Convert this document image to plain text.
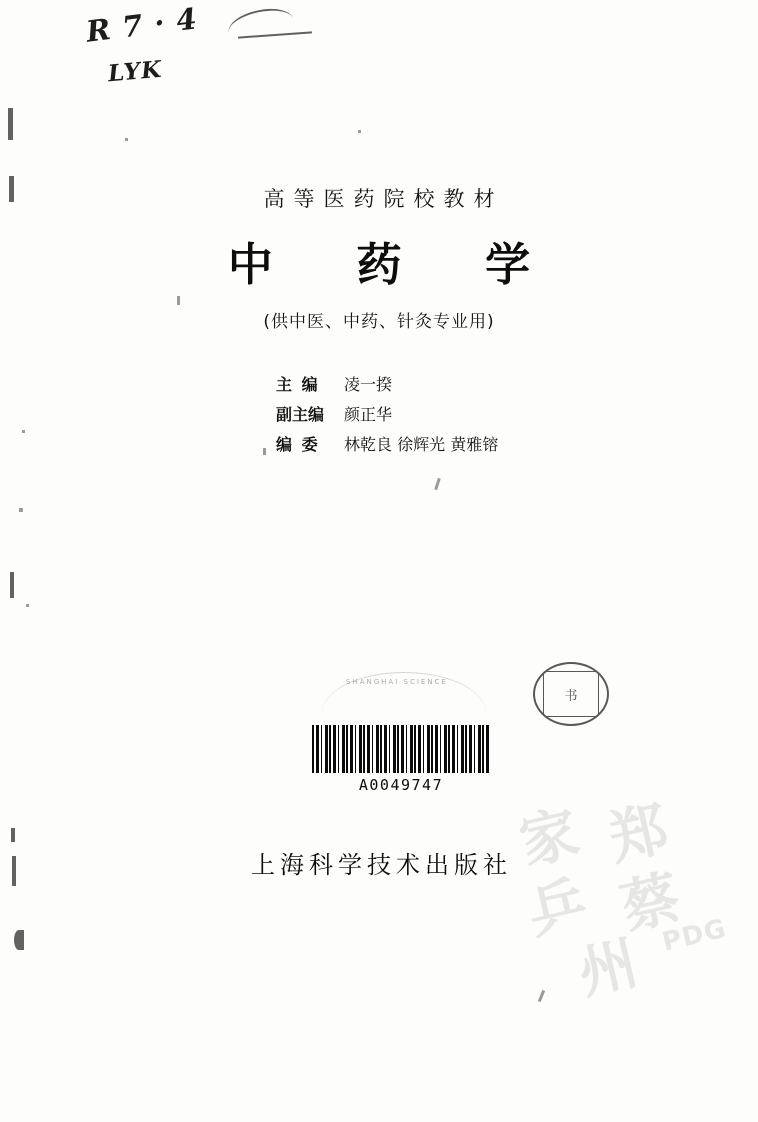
R 7 · 4
LYK
高等医药院校教材
中 药 学
(供中医、中药、针灸专业用)
主 编 凌一揆
副主编 颜正华
编 委 林乾良 徐辉光 黄雅镕
SHANGHAI SCIENCE
A0049747
书
上海科学技术出版社 家 郑
乒 蔡
州 PDG
